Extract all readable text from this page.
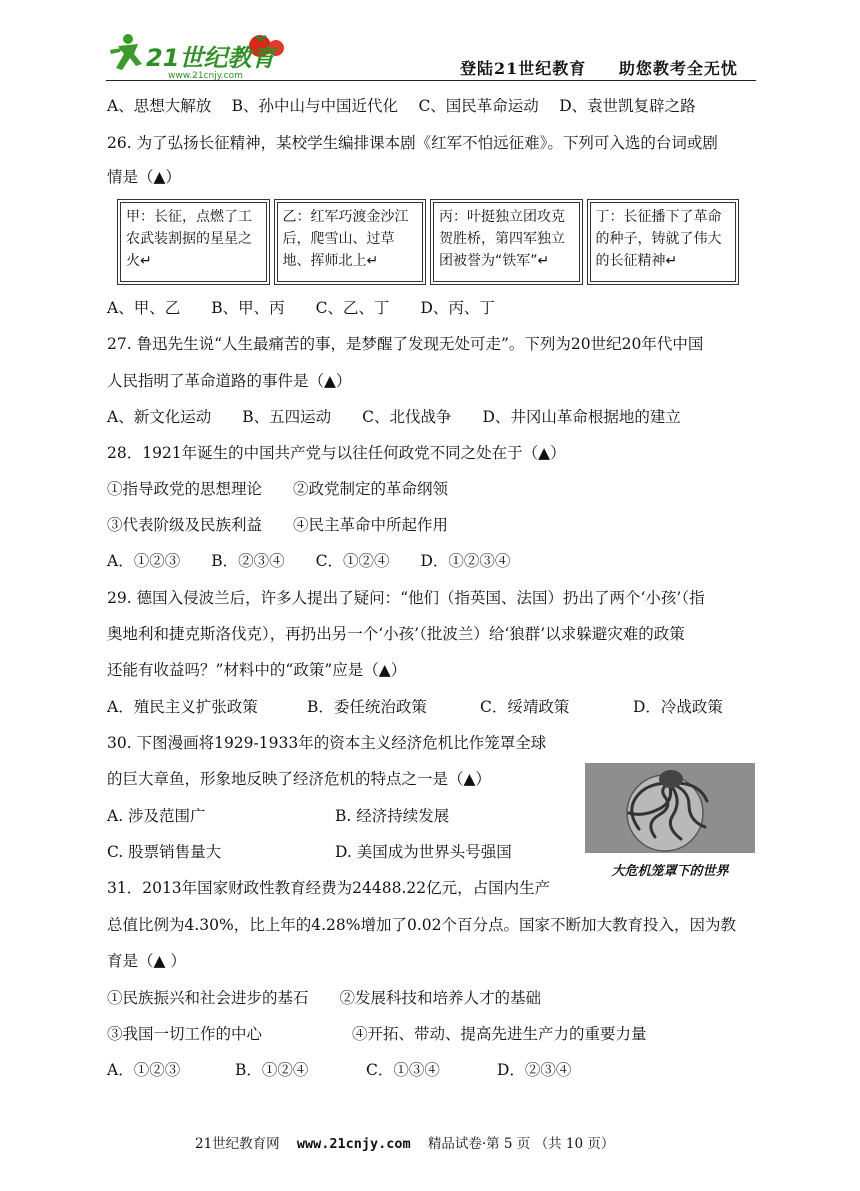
21世纪教育
www.21cnjy.com	登陆21世纪教育 助您教考全无忧
A、思想大解放　 B、孙中山与中国近代化　 C、国民革命运动　 D、袁世凯复辟之路
26. 为了弘扬长征精神，某校学生编排课本剧《红军不怕远征难》。下列可入选的台词或剧
情是（▲）
甲：长征，点燃了工农武装割据的星星之火↵
乙：红军巧渡金沙江后，爬雪山、过草地、挥师北上↵
丙：叶挺独立团攻克贺胜桥，第四军独立团被誉为“铁军”↵
丁：长征播下了革命的种子，铸就了伟大的长征精神↵
A、甲、乙　　B、甲、丙　　C、乙、丁　　D、丙、丁
27. 鲁迅先生说“人生最痛苦的事，是梦醒了发现无处可走”。下列为20世纪20年代中国
人民指明了革命道路的事件是（▲）
A、新文化运动　　B、五四运动　　C、北伐战争　　D、井冈山革命根据地的建立
28．1921年诞生的中国共产党与以往任何政党不同之处在于（▲）
①指导政党的思想理论　　②政党制定的革命纲领
③代表阶级及民族利益　　④民主革命中所起作用
A．①②③　　B．②③④　　C．①②④　　D．①②③④
29. 德国入侵波兰后，许多人提出了疑问：“他们（指英国、法国）扔出了两个‘小孩’（指
奥地利和捷克斯洛伐克），再扔出另一个‘小孩’（批波兰）给‘狼群’以求躲避灾难的政策
还能有收益吗？”材料中的“政策”应是（▲）
A．殖民主义扩张政策	B．委任统治政策	C．绥靖政策	D．冷战政策
30. 下图漫画将1929-1933年的资本主义经济危机比作笼罩全球
的巨大章鱼，形象地反映了经济危机的特点之一是（▲）
A. 涉及范围广	B. 经济持续发展
C. 股票销售量大	D. 美国成为世界头号强国
大危机笼罩下的世界
31．2013年国家财政性教育经费为24488.22亿元，占国内生产
总值比例为4.30%，比上年的4.28%增加了0.02个百分点。国家不断加大教育投入，因为教
育是（▲ ）
①民族振兴和社会进步的基石　　②发展科技和培养人才的基础
③我国一切工作的中心	④开拓、带动、提高先进生产力的重要力量
A．①②③	B．①②④	C．①③④	D．②③④
21世纪教育网 www.21cnjy.com 精品试卷·第 5 页 （共 10 页）
